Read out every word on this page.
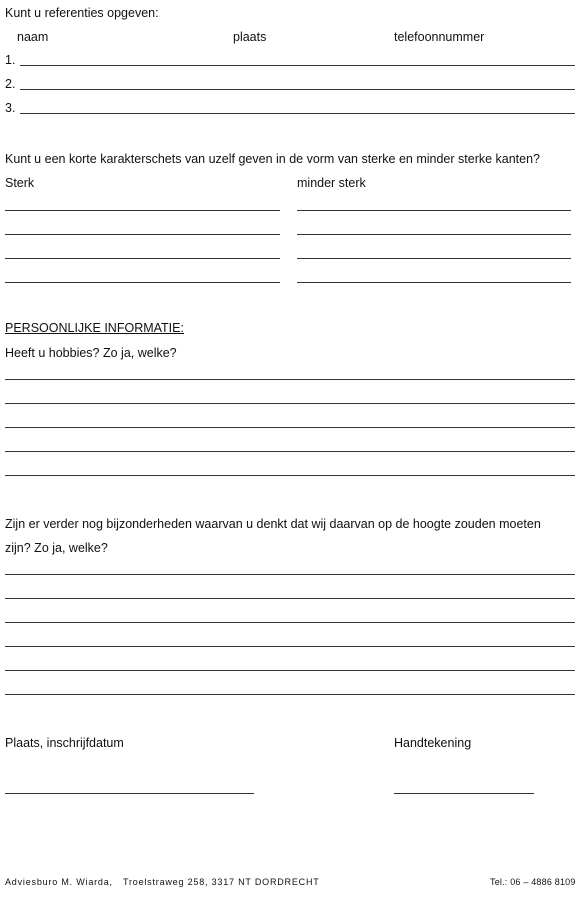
Kunt u referenties opgeven:
naam	plaats	telefoonnummer
1.
2.
3.
Kunt u een korte karakterschets van uzelf geven in de vorm van sterke en minder sterke kanten?
Sterk	minder sterk
PERSOONLIJKE INFORMATIE:
Heeft u hobbies? Zo ja, welke?
Zijn er verder nog bijzonderheden waarvan u denkt dat wij daarvan op de hoogte zouden moeten
zijn? Zo ja, welke?
Plaats, inschrijfdatum	Handtekening
Adviesburo M. Wiarda, Troelstraweg 258, 3317 NT DORDRECHT	Tel.: 06 – 4886 8109
